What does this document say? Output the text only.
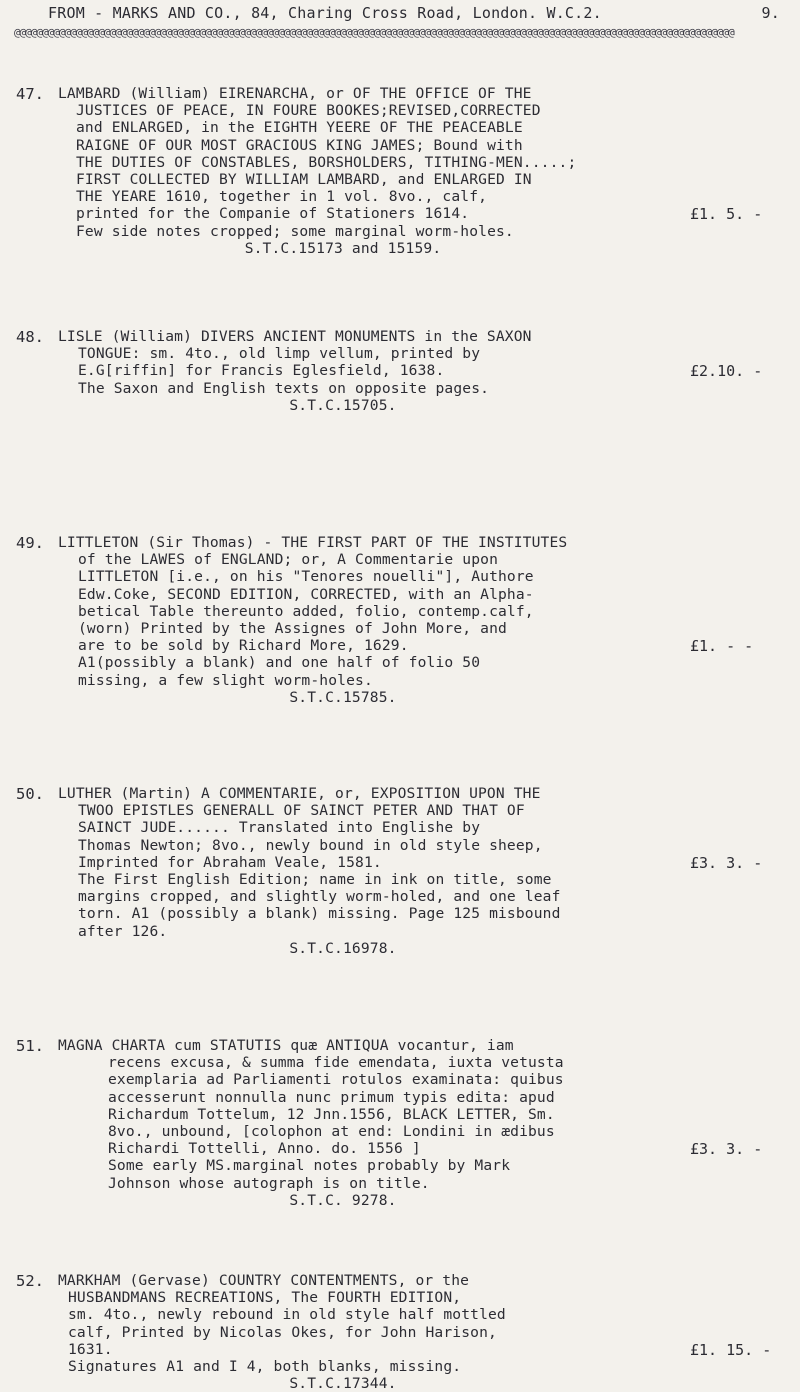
FROM - MARKS AND CO., 84, Charing Cross Road, London. W.C.2.	9.
@@@@@@@@@@@@@@@@@@@@@@@@@@@@@@@@@@@@@@@@@@@@@@@@@@@@@@@@@@@@@@@@@@@@@@@@@@@@@@@@@@@@@@@@@@@@@@@@@@@@@@@@@@@@@@@@@@@@@@@@@@@@@@@@
47. LAMBARD (William) EIRENARCHA, or OF THE OFFICE OF THE
JUSTICES OF PEACE, IN FOURE BOOKES;REVISED,CORRECTED
and ENLARGED, in the EIGHTH YEERE OF THE PEACEABLE
RAIGNE OF OUR MOST GRACIOUS KING JAMES; Bound with
THE DUTIES OF CONSTABLES, BORSHOLDERS, TITHING-MEN.....;
FIRST COLLECTED BY WILLIAM LAMBARD, and ENLARGED IN
THE YEARE 1610, together in 1 vol. 8vo., calf,
printed for the Companie of Stationers 1614.
Few side notes cropped; some marginal worm-holes.
S.T.C.15173 and 15159.
£1. 5. -
48. LISLE (William) DIVERS ANCIENT MONUMENTS in the SAXON
TONGUE: sm. 4to., old limp vellum, printed by
E.G[riffin] for Francis Eglesfield, 1638.
The Saxon and English texts on opposite pages.
S.T.C.15705.
£2.10. -
49. LITTLETON (Sir Thomas) - THE FIRST PART OF THE INSTITUTES
of the LAWES of ENGLAND; or, A Commentarie upon
LITTLETON [i.e., on his "Tenores nouelli"], Authore
Edw.Coke, SECOND EDITION, CORRECTED, with an Alpha-
betical Table thereunto added, folio, contemp.calf,
(worn) Printed by the Assignes of John More, and
are to be sold by Richard More, 1629.
A1(possibly a blank) and one half of folio 50
missing, a few slight worm-holes.
S.T.C.15785.
£1. - -
50. LUTHER (Martin) A COMMENTARIE, or, EXPOSITION UPON THE
TWOO EPISTLES GENERALL OF SAINCT PETER AND THAT OF
SAINCT JUDE...... Translated into Englishe by
Thomas Newton; 8vo., newly bound in old style sheep,
Imprinted for Abraham Veale, 1581.
The First English Edition; name in ink on title, some
margins cropped, and slightly worm-holed, and one leaf
torn. A1 (possibly a blank) missing. Page 125 misbound
after 126.
S.T.C.16978.
£3. 3. -
51. MAGNA CHARTA cum STATUTIS quæ ANTIQUA vocantur, iam
recens excusa, & summa fide emendata, iuxta vetusta
exemplaria ad Parliamenti rotulos examinata: quibus
accesserunt nonnulla nunc primum typis edita: apud
Richardum Tottelum, 12 Jnn.1556, BLACK LETTER, Sm.
8vo., unbound, [colophon at end: Londini in ædibus
Richardi Tottelli, Anno. do. 1556 ]
Some early MS.marginal notes probably by Mark
Johnson whose autograph is on title.
S.T.C. 9278.
£3. 3. -
52. MARKHAM (Gervase) COUNTRY CONTENTMENTS, or the
HUSBANDMANS RECREATIONS, The FOURTH EDITION,
sm. 4to., newly rebound in old style half mottled
calf, Printed by Nicolas Okes, for John Harison,
1631.
Signatures A1 and I 4, both blanks, missing.
S.T.C.17344.
£1. 15. -
